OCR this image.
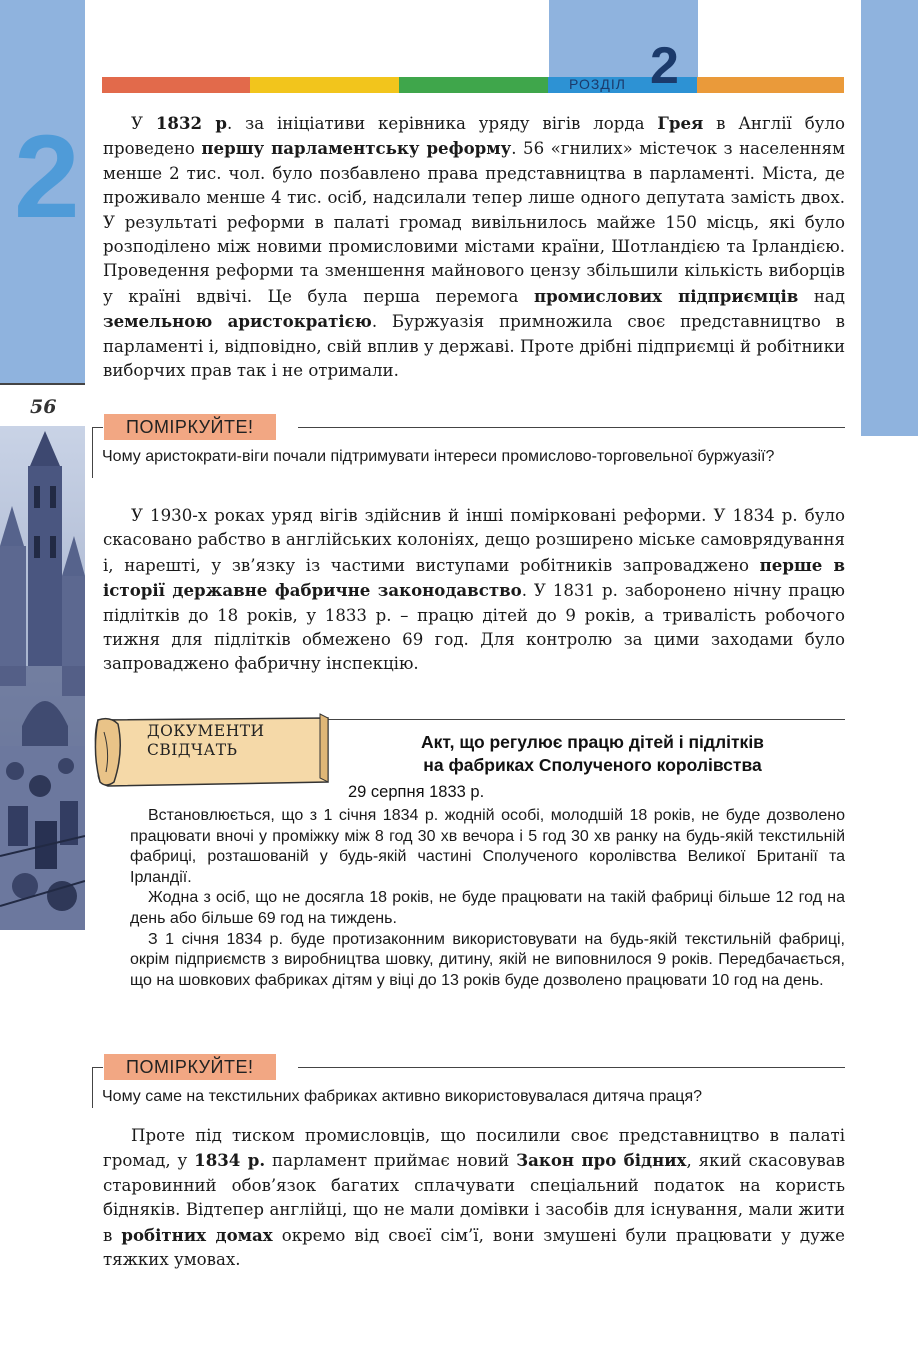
2
56
РОЗДІЛ 2

У 1832 р. за ініціативи керівника уряду вігів лорда Грея в Англії було проведено першу парламентську реформу. 56 «гнилих» містечок з населенням менше 2 тис. чол. було позбавлено права представництва в парламенті. Міста, де проживало менше 4 тис. осіб, надсилали тепер лише одного депутата замість двох. У результаті реформи в палаті громад вивільнилось майже 150 місць, які було розподілено між новими промисловими містами країни, Шотландією та Ірландією. Проведення реформи та зменшення майнового цензу збільшили кількість виборців у країні вдвічі. Це була перша перемога промислових підприємців над земельною аристократією. Буржуазія примножила своє представництво в парламенті і, відповідно, свій вплив у державі. Проте дрібні підприємці й робітники виборчих прав так і не отримали.

ПОМІРКУЙТЕ!
Чому аристократи-віги почали підтримувати інтереси промислово-торговельної буржуазії?

У 1930-х роках уряд вігів здійснив й інші помірковані реформи. У 1834 р. було скасовано рабство в англійських колоніях, дещо розширено міське самоврядування і, нарешті, у зв’язку із частими виступами робітників запроваджено перше в історії державне фабричне законодавство. У 1831 р. заборонено нічну працю підлітків до 18 років, у 1833 р. – працю дітей до 9 років, а тривалість робочого тижня для підлітків обмежено 69 год. Для контролю за цими заходами було запроваджено фабричну інспекцію.

ДОКУМЕНТИ
СВІДЧАТЬ	Акт, що регулює працю дітей і підлітків
на фабриках Сполученого королівства
29 серпня 1833 р.

Встановлюється, що з 1 січня 1834 р. жодній особі, молодшій 18 років, не буде дозволено працювати вночі у проміжку між 8 год 30 хв вечора і 5 год 30 хв ранку на будь-якій текстильній фабриці, розташованій у будь-якій частині Сполученого королівства Великої Британії та Ірландії.

Жодна з осіб, що не досягла 18 років, не буде працювати на такій фабриці більше 12 год на день або більше 69 год на тиждень.

З 1 січня 1834 р. буде протизаконним використовувати на будь-якій текстильній фабриці, окрім підприємств з виробництва шовку, дитину, якій не виповнилося 9 років. Передбачається, що на шовкових фабриках дітям у віці до 13 років буде дозволено працювати 10 год на день.

ПОМІРКУЙТЕ!
Чому саме на текстильних фабриках активно використовувалася дитяча праця?

Проте під тиском промисловців, що посилили своє представництво в палаті громад, у 1834 р. парламент приймає новий Закон про бідних, який скасовував старовинний обов’язок багатих сплачувати спеціальний податок на користь бідняків. Відтепер англійці, що не мали домівки і засобів для існування, мали жити в робітних домах окремо від своєї сім’ї, вони змушені були працювати у дуже тяжких умовах.
